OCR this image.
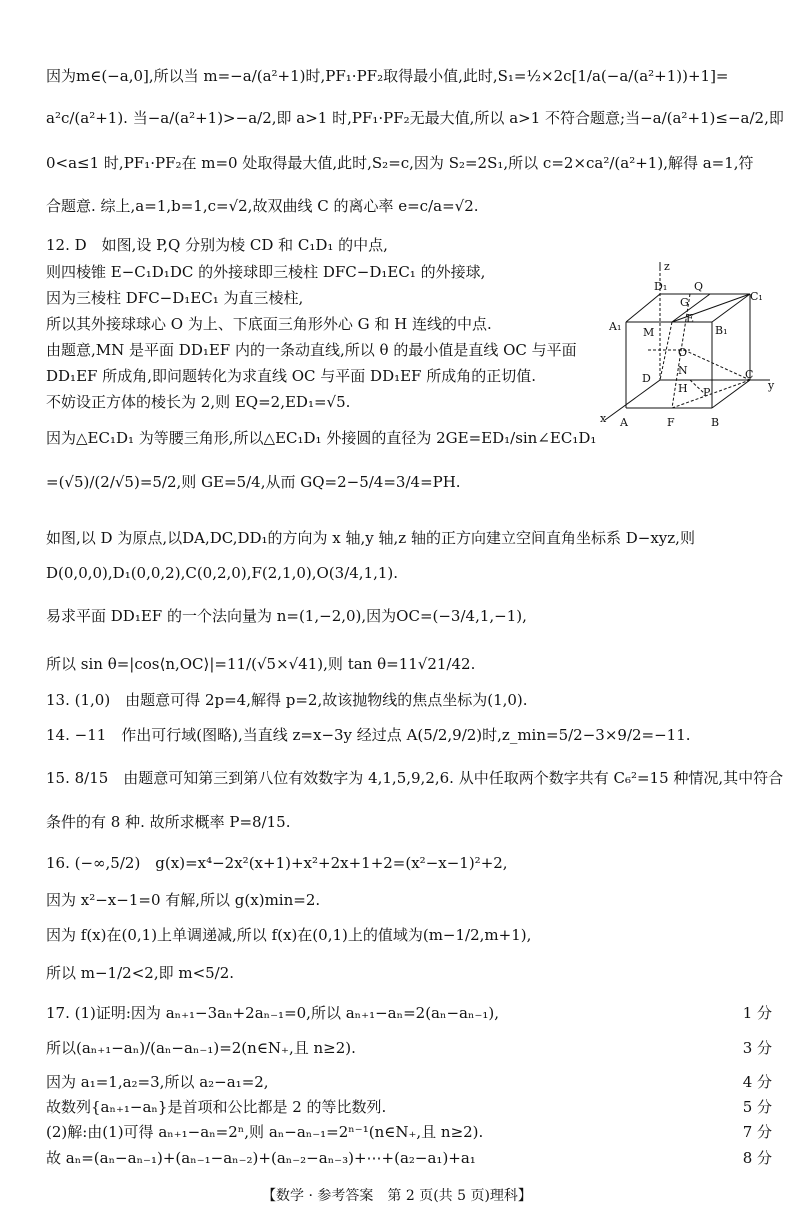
因为m∈(−a,0],所以当 m=−a/(a²+1)时,PF₁·PF₂取得最小值,此时,S₁=½×2c[1/a(−a/(a²+1))+1]=
a²c/(a²+1). 当−a/(a²+1)>−a/2,即 a>1 时,PF₁·PF₂无最大值,所以 a>1 不符合题意;当−a/(a²+1)≤−a/2,即
0<a≤1 时,PF₁·PF₂在 m=0 处取得最大值,此时,S₂=c,因为 S₂=2S₁,所以 c=2×ca²/(a²+1),解得 a=1,符
合题意. 综上,a=1,b=1,c=√2,故双曲线 C 的离心率 e=c/a=√2.
12. D　如图,设 P,Q 分别为棱 CD 和 C₁D₁ 的中点,
则四棱锥 E−C₁D₁DC 的外接球即三棱柱 DFC−D₁EC₁ 的外接球,
因为三棱柱 DFC−D₁EC₁ 为直三棱柱,
所以其外接球球心 O 为上、下底面三角形外心 G 和 H 连线的中点.
由题意,MN 是平面 DD₁EF 内的一条动直线,所以 θ 的最小值是直线 OC 与平面
DD₁EF 所成角,即问题转化为求直线 OC 与平面 DD₁EF 所成角的正切值.
不妨设正方体的棱长为 2,则 EQ=2,ED₁=√5.
因为△EC₁D₁ 为等腰三角形,所以△EC₁D₁ 外接圆的直径为 2GE=ED₁/sin∠EC₁D₁
=(√5)/(2/√5)=5/2,则 GE=5/4,从而 GQ=2−5/4=3/4=PH.
如图,以 D 为原点,以DA,DC,DD₁的方向为 x 轴,y 轴,z 轴的正方向建立空间直角坐标系 D−xyz,则
D(0,0,0),D₁(0,0,2),C(0,2,0),F(2,1,0),O(3/4,1,1).
易求平面 DD₁EF 的一个法向量为 n=(1,−2,0),因为OC=(−3/4,1,−1),
所以 sin θ=|cos⟨n,OC⟩|=11/(√5×√41),则 tan θ=11√21/42.
13. (1,0)　由题意可得 2p=4,解得 p=2,故该抛物线的焦点坐标为(1,0).
14. −11　作出可行域(图略),当直线 z=x−3y 经过点 A(5/2,9/2)时,z_min=5/2−3×9/2=−11.
15. 8/15　由题意可知第三到第八位有效数字为 4,1,5,9,2,6. 从中任取两个数字共有 C₆²=15 种情况,其中符合
条件的有 8 种. 故所求概率 P=8/15.
16. (−∞,5/2)　g(x)=x⁴−2x²(x+1)+x²+2x+1+2=(x²−x−1)²+2,
因为 x²−x−1=0 有解,所以 g(x)min=2.
因为 f(x)在(0,1)上单调递减,所以 f(x)在(0,1)上的值域为(m−1/2,m+1),
所以 m−1/2<2,即 m<5/2.
17. (1)证明:因为 aₙ₊₁−3aₙ+2aₙ₋₁=0,所以 aₙ₊₁−aₙ=2(aₙ−aₙ₋₁),	1 分
所以(aₙ₊₁−aₙ)/(aₙ−aₙ₋₁)=2(n∈N₊,且 n≥2).	3 分
因为 a₁=1,a₂=3,所以 a₂−a₁=2,	4 分
故数列{aₙ₊₁−aₙ}是首项和公比都是 2 的等比数列.	5 分
(2)解:由(1)可得 aₙ₊₁−aₙ=2ⁿ,则 aₙ−aₙ₋₁=2ⁿ⁻¹(n∈N₊,且 n≥2).	7 分
故 aₙ=(aₙ−aₙ₋₁)+(aₙ₋₁−aₙ₋₂)+(aₙ₋₂−aₙ₋₃)+⋯+(a₂−a₁)+a₁	8 分
z
D₁ Q
C₁
G
A₁ M
E
B₁
O
N
D
H P
C
y
x A	F	B
【数学 · 参考答案　第 2 页(共 5 页)理科】
